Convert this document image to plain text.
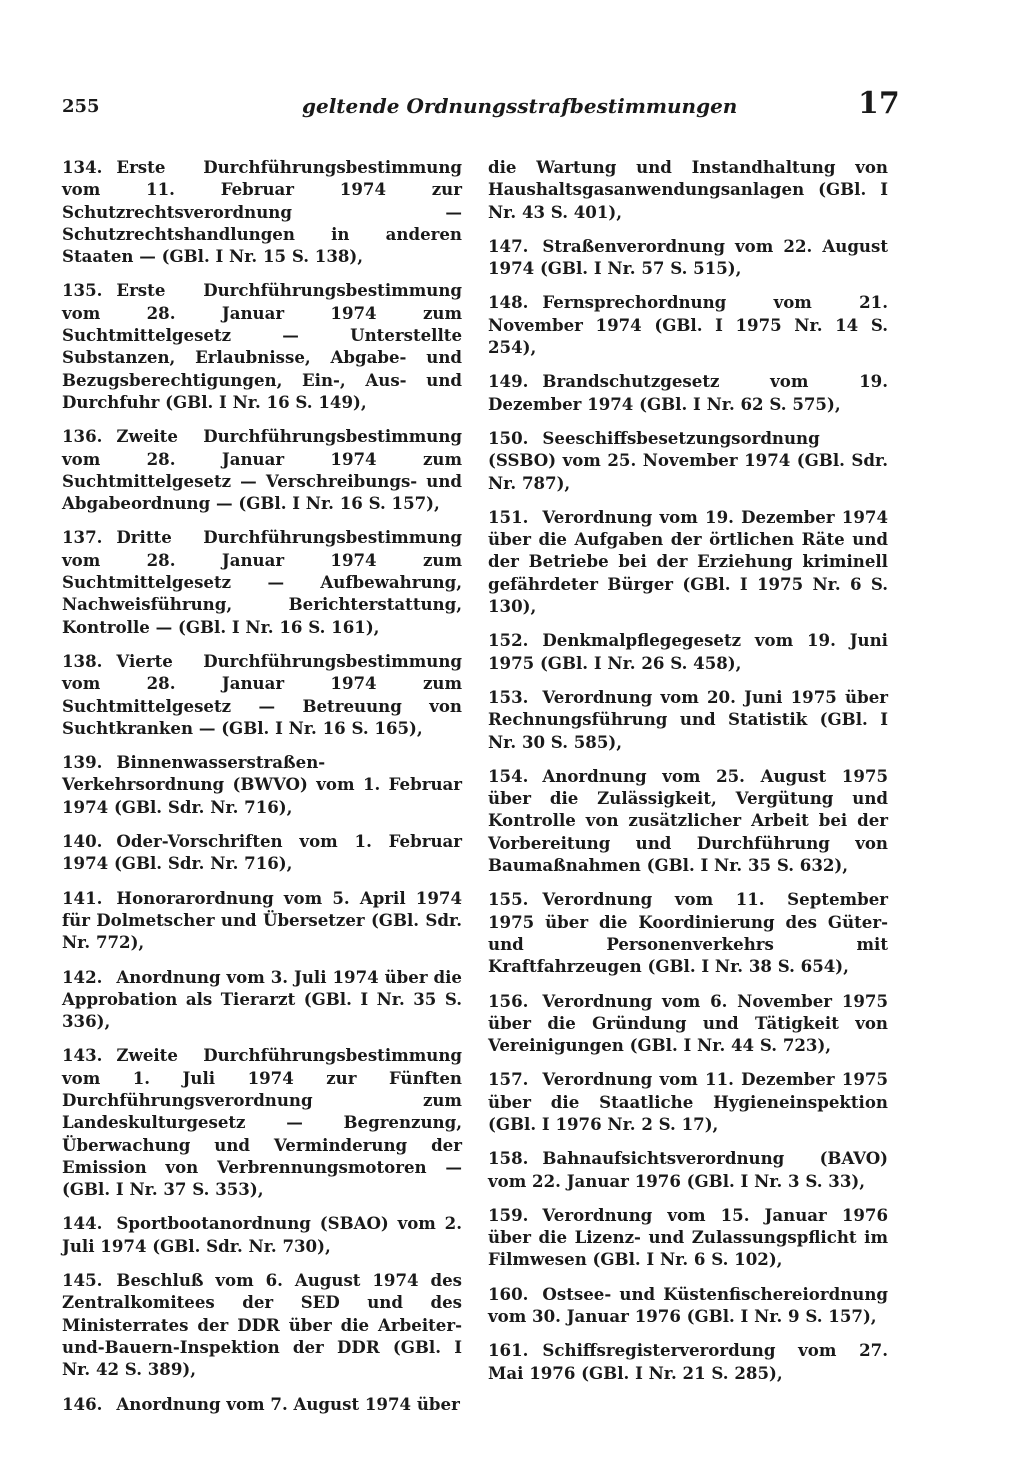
255	geltende Ordnungsstrafbestimmungen	17

134. Erste Durchführungsbestimmung vom 11. Februar 1974 zur Schutzrechtsverordnung — Schutzrechtshandlungen in anderen Staaten — (GBl. I Nr. 15 S. 138),

135. Erste Durchführungsbestimmung vom 28. Januar 1974 zum Suchtmittelgesetz — Unterstellte Substanzen, Erlaubnisse, Abgabe- und Bezugsberechtigungen, Ein-, Aus- und Durchfuhr (GBl. I Nr. 16 S. 149),

136. Zweite Durchführungsbestimmung vom 28. Januar 1974 zum Suchtmittelgesetz — Verschreibungs- und Abgabeordnung — (GBl. I Nr. 16 S. 157),

137. Dritte Durchführungsbestimmung vom 28. Januar 1974 zum Suchtmittelgesetz — Aufbewahrung, Nachweisführung, Berichterstattung, Kontrolle — (GBl. I Nr. 16 S. 161),

138. Vierte Durchführungsbestimmung vom 28. Januar 1974 zum Suchtmittelgesetz — Betreuung von Suchtkranken — (GBl. I Nr. 16 S. 165),

139. Binnenwasserstraßen-Verkehrsordnung (BWVO) vom 1. Februar 1974 (GBl. Sdr. Nr. 716),

140. Oder-Vorschriften vom 1. Februar 1974 (GBl. Sdr. Nr. 716),

141. Honorarordnung vom 5. April 1974 für Dolmetscher und Übersetzer (GBl. Sdr. Nr. 772),

142. Anordnung vom 3. Juli 1974 über die Approbation als Tierarzt (GBl. I Nr. 35 S. 336),

143. Zweite Durchführungsbestimmung vom 1. Juli 1974 zur Fünften Durchführungsverordnung zum Landeskulturgesetz — Begrenzung, Überwachung und Verminderung der Emission von Verbrennungsmotoren — (GBl. I Nr. 37 S. 353),

144. Sportbootanordnung (SBAO) vom 2. Juli 1974 (GBl. Sdr. Nr. 730),

145. Beschluß vom 6. August 1974 des Zentralkomitees der SED und des Ministerrates der DDR über die Arbeiter-und-Bauern-Inspektion der DDR (GBl. I Nr. 42 S. 389),

146. Anordnung vom 7. August 1974 über

die Wartung und Instandhaltung von Haushaltsgasanwendungsanlagen (GBl. I Nr. 43 S. 401),

147. Straßenverordnung vom 22. August 1974 (GBl. I Nr. 57 S. 515),

148. Fernsprechordnung vom 21. November 1974 (GBl. I 1975 Nr. 14 S. 254),

149. Brandschutzgesetz vom 19. Dezember 1974 (GBl. I Nr. 62 S. 575),

150. Seeschiffsbesetzungsordnung (SSBO) vom 25. November 1974 (GBl. Sdr. Nr. 787),

151. Verordnung vom 19. Dezember 1974 über die Aufgaben der örtlichen Räte und der Betriebe bei der Erziehung kriminell gefährdeter Bürger (GBl. I 1975 Nr. 6 S. 130),

152. Denkmalpflegegesetz vom 19. Juni 1975 (GBl. I Nr. 26 S. 458),

153. Verordnung vom 20. Juni 1975 über Rechnungsführung und Statistik (GBl. I Nr. 30 S. 585),

154. Anordnung vom 25. August 1975 über die Zulässigkeit, Vergütung und Kontrolle von zusätzlicher Arbeit bei der Vorbereitung und Durchführung von Baumaßnahmen (GBl. I Nr. 35 S. 632),

155. Verordnung vom 11. September 1975 über die Koordinierung des Güter- und Personenverkehrs mit Kraftfahrzeugen (GBl. I Nr. 38 S. 654),

156. Verordnung vom 6. November 1975 über die Gründung und Tätigkeit von Vereinigungen (GBl. I Nr. 44 S. 723),

157. Verordnung vom 11. Dezember 1975 über die Staatliche Hygieneinspektion (GBl. I 1976 Nr. 2 S. 17),

158. Bahnaufsichtsverordnung (BAVO) vom 22. Januar 1976 (GBl. I Nr. 3 S. 33),

159. Verordnung vom 15. Januar 1976 über die Lizenz- und Zulassungspflicht im Filmwesen (GBl. I Nr. 6 S. 102),

160. Ostsee- und Küstenfischereiordnung vom 30. Januar 1976 (GBl. I Nr. 9 S. 157),

161. Schiffsregisterverordung vom 27. Mai 1976 (GBl. I Nr. 21 S. 285),
